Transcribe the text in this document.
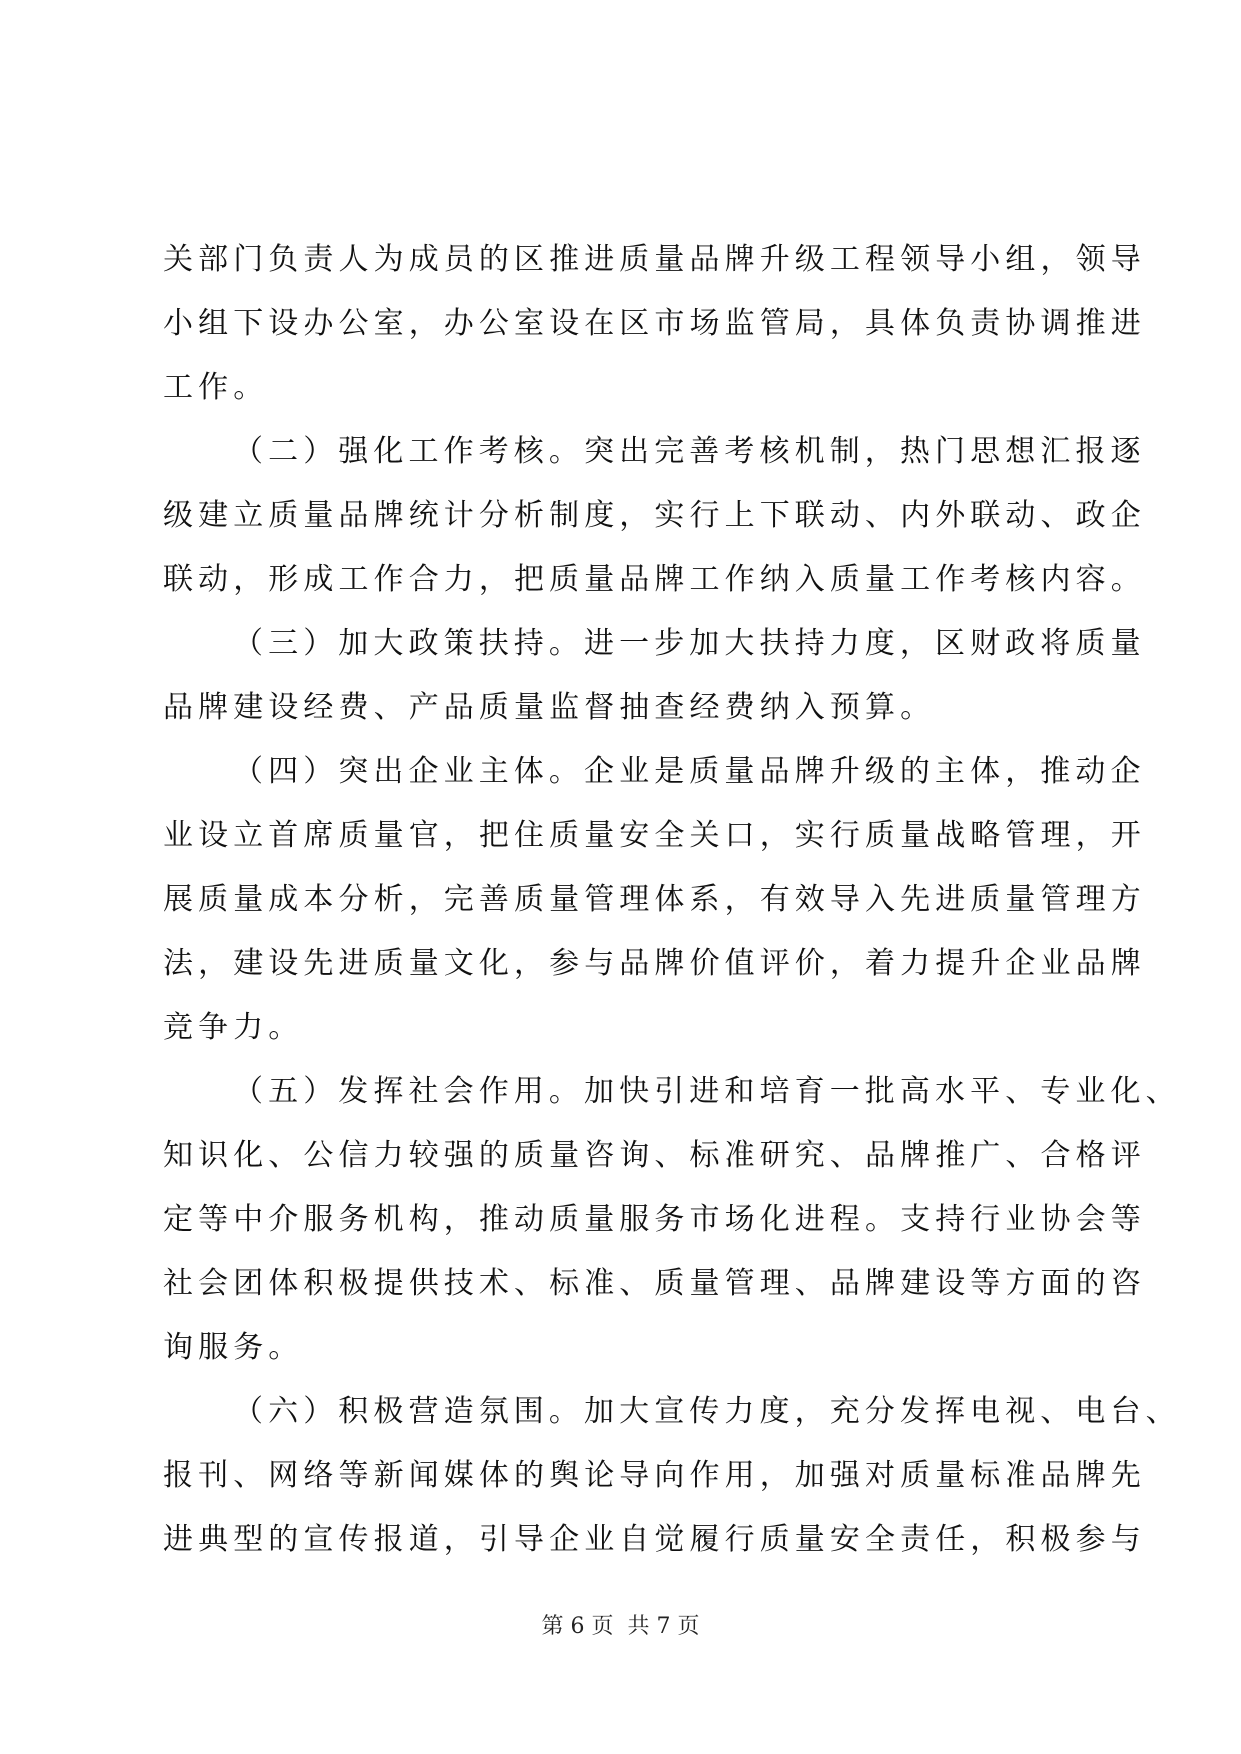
关部门负责人为成员的区推进质量品牌升级工程领导小组，领导
小组下设办公室，办公室设在区市场监管局，具体负责协调推进
工作。
（二）强化工作考核。突出完善考核机制，热门思想汇报逐
级建立质量品牌统计分析制度，实行上下联动、内外联动、政企
联动，形成工作合力，把质量品牌工作纳入质量工作考核内容。
（三）加大政策扶持。进一步加大扶持力度，区财政将质量
品牌建设经费、产品质量监督抽查经费纳入预算。
（四）突出企业主体。企业是质量品牌升级的主体，推动企
业设立首席质量官，把住质量安全关口，实行质量战略管理，开
展质量成本分析，完善质量管理体系，有效导入先进质量管理方
法，建设先进质量文化，参与品牌价值评价，着力提升企业品牌
竞争力。
（五）发挥社会作用。加快引进和培育一批高水平、专业化、
知识化、公信力较强的质量咨询、标准研究、品牌推广、合格评
定等中介服务机构，推动质量服务市场化进程。支持行业协会等
社会团体积极提供技术、标准、质量管理、品牌建设等方面的咨
询服务。
（六）积极营造氛围。加大宣传力度，充分发挥电视、电台、
报刊、网络等新闻媒体的舆论导向作用，加强对质量标准品牌先
进典型的宣传报道，引导企业自觉履行质量安全责任，积极参与
第 6 页  共 7 页
